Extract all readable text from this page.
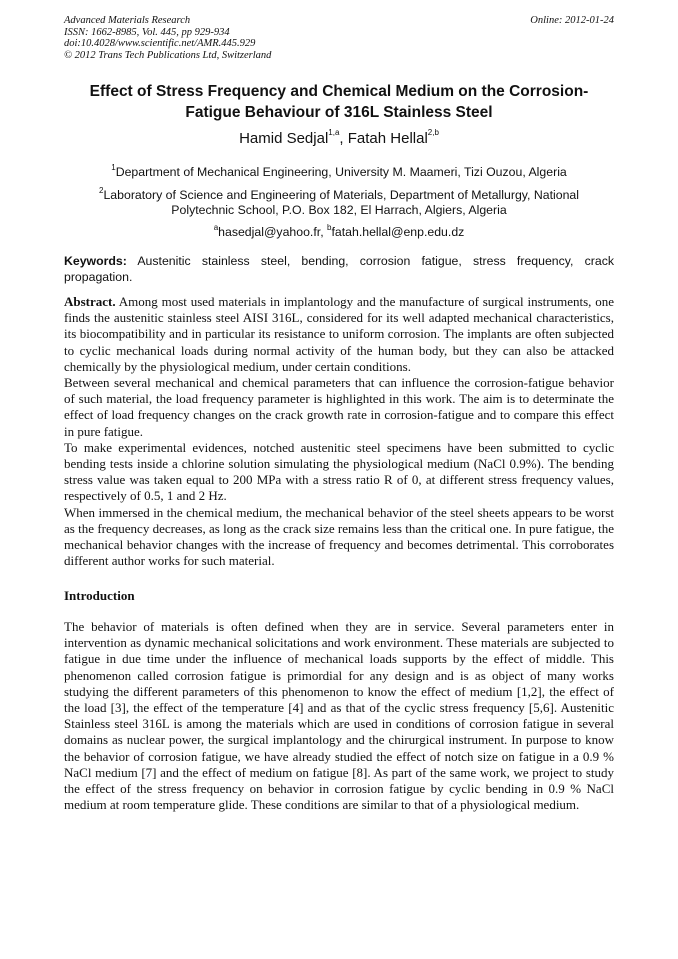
Advanced Materials Research
ISSN: 1662-8985, Vol. 445, pp 929-934
doi:10.4028/www.scientific.net/AMR.445.929
© 2012 Trans Tech Publications Ltd, Switzerland
Online: 2012-01-24
Effect of Stress Frequency and Chemical Medium on the Corrosion-Fatigue Behaviour of 316L Stainless Steel
Hamid Sedjal$^{1,a}$, Fatah Hellal$^{2,b}$
$^1$Department of Mechanical Engineering, University M. Maameri, Tizi Ouzou, Algeria
$^2$Laboratory of Science and Engineering of Materials, Department of Metallurgy, National Polytechnic School, P.O. Box 182, El Harrach, Algiers, Algeria
$^a$hasedjal@yahoo.fr, $^b$fatah.hellal@enp.edu.dz
Keywords: Austenitic stainless steel, bending, corrosion fatigue, stress frequency, crack propagation.

Abstract. Among most used materials in implantology and the manufacture of surgical instruments, one finds the austenitic stainless steel AISI 316L, considered for its well adapted mechanical characteristics, its biocompatibility and in particular its resistance to uniform corrosion. The implants are often subjected to cyclic mechanical loads during normal activity of the human body, but they can also be attacked chemically by the physiological medium, under certain conditions.

Between several mechanical and chemical parameters that can influence the corrosion-fatigue behavior of such material, the load frequency parameter is highlighted in this work. The aim is to determinate the effect of load frequency changes on the crack growth rate in corrosion-fatigue and to compare this effect in pure fatigue.

To make experimental evidences, notched austenitic steel specimens have been submitted to cyclic bending tests inside a chlorine solution simulating the physiological medium (NaCl 0.9%). The bending stress value was taken equal to 200 MPa with a stress ratio R of 0, at different stress frequency values, respectively of 0.5, 1 and 2 Hz.

When immersed in the chemical medium, the mechanical behavior of the steel sheets appears to be worst as the frequency decreases, as long as the crack size remains less than the critical one. In pure fatigue, the mechanical behavior changes with the increase of frequency and becomes detrimental. This corroborates different author works for such material.

Introduction

The behavior of materials is often defined when they are in service. Several parameters enter in intervention as dynamic mechanical solicitations and work environment. These materials are subjected to fatigue in due time under the influence of mechanical loads supports by the effect of middle. This phenomenon called corrosion fatigue is primordial for any design and is as object of many works studying the different parameters of this phenomenon to know the effect of medium [1,2], the effect of the load [3], the effect of the temperature [4] and as that of the cyclic stress frequency [5,6]. Austenitic Stainless steel 316L is among the materials which are used in conditions of corrosion fatigue in several domains as nuclear power, the surgical implantology and the chirurgical instrument. In purpose to know the behavior of corrosion fatigue, we have already studied the effect of notch size on fatigue in a 0.9 % NaCl medium [7] and the effect of medium on fatigue [8]. As part of the same work, we project to study the effect of the stress frequency on behavior in corrosion fatigue by cyclic bending in 0.9 % NaCl medium at room temperature glide. These conditions are similar to that of a physiological medium.
